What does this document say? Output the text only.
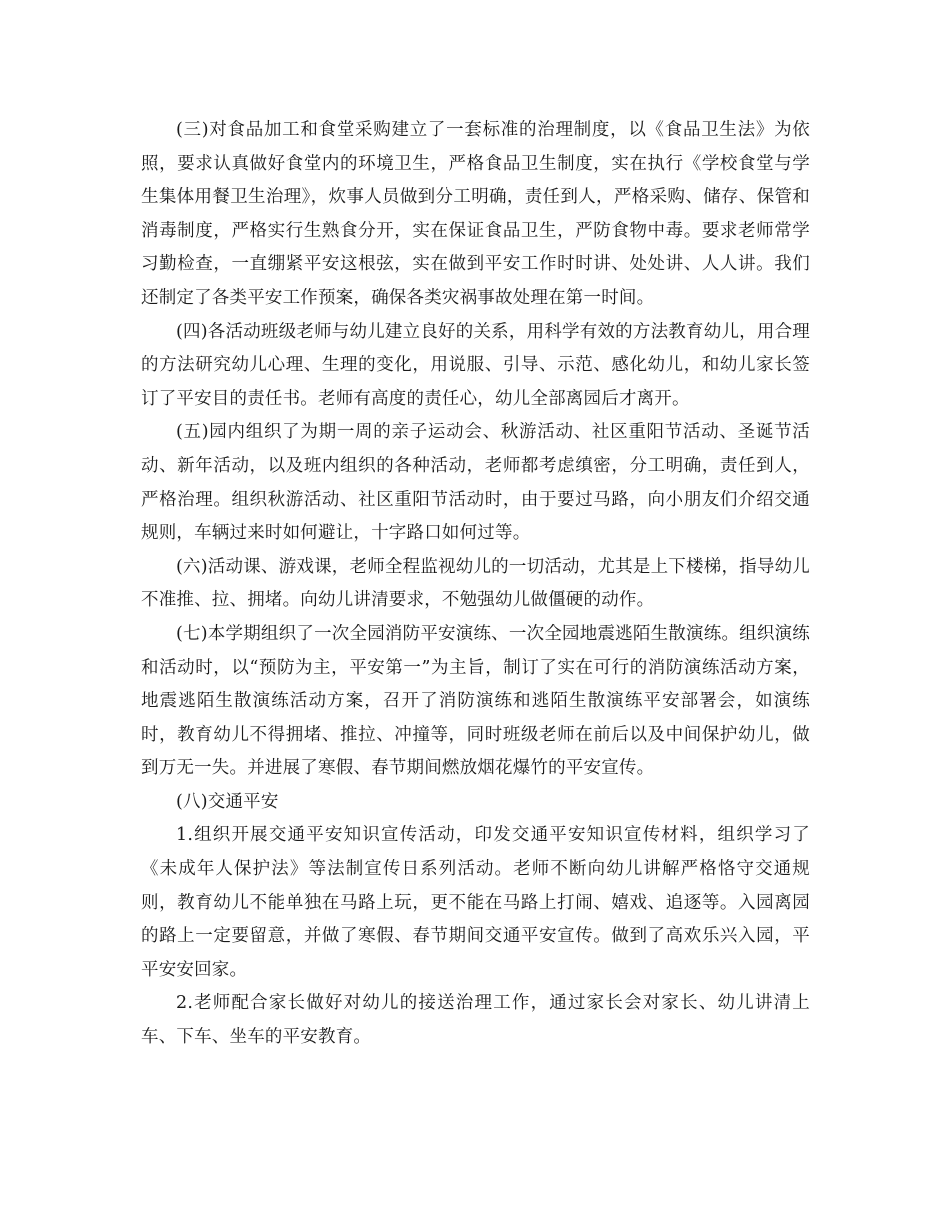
(三)对食品加工和食堂采购建立了一套标准的治理制度，以《食品卫生法》为依照，要求认真做好食堂内的环境卫生，严格食品卫生制度，实在执行《学校食堂与学生集体用餐卫生治理》，炊事人员做到分工明确，责任到人，严格采购、储存、保管和消毒制度，严格实行生熟食分开，实在保证食品卫生，严防食物中毒。要求老师常学习勤检查，一直绷紧平安这根弦，实在做到平安工作时时讲、处处讲、人人讲。我们还制定了各类平安工作预案，确保各类灾祸事故处理在第一时间。

(四)各活动班级老师与幼儿建立良好的关系，用科学有效的方法教育幼儿，用合理的方法研究幼儿心理、生理的变化，用说服、引导、示范、感化幼儿，和幼儿家长签订了平安目的责任书。老师有高度的责任心，幼儿全部离园后才离开。

(五)园内组织了为期一周的亲子运动会、秋游活动、社区重阳节活动、圣诞节活动、新年活动，以及班内组织的各种活动，老师都考虑缜密，分工明确，责任到人，严格治理。组织秋游活动、社区重阳节活动时，由于要过马路，向小朋友们介绍交通规则，车辆过来时如何避让，十字路口如何过等。

(六)活动课、游戏课，老师全程监视幼儿的一切活动，尤其是上下楼梯，指导幼儿不准推、拉、拥堵。向幼儿讲清要求，不勉强幼儿做僵硬的动作。

(七)本学期组织了一次全园消防平安演练、一次全园地震逃陌生散演练。组织演练和活动时，以“预防为主，平安第一”为主旨，制订了实在可行的消防演练活动方案，地震逃陌生散演练活动方案，召开了消防演练和逃陌生散演练平安部署会，如演练时，教育幼儿不得拥堵、推拉、冲撞等，同时班级老师在前后以及中间保护幼儿，做到万无一失。并进展了寒假、春节期间燃放烟花爆竹的平安宣传。

(八)交通平安

1.组织开展交通平安知识宣传活动，印发交通平安知识宣传材料，组织学习了《未成年人保护法》等法制宣传日系列活动。老师不断向幼儿讲解严格恪守交通规则，教育幼儿不能单独在马路上玩，更不能在马路上打闹、嬉戏、追逐等。入园离园的路上一定要留意，并做了寒假、春节期间交通平安宣传。做到了高欢乐兴入园，平平安安回家。

2.老师配合家长做好对幼儿的接送治理工作，通过家长会对家长、幼儿讲清上车、下车、坐车的平安教育。
